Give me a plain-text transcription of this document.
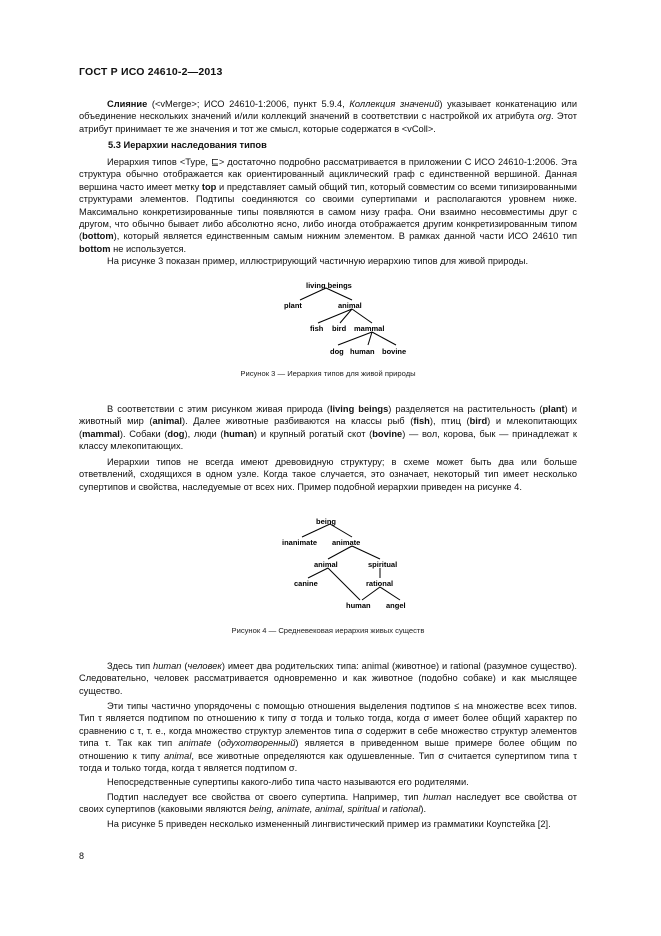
ГОСТ Р ИСО 24610-2—2013
Слияние (<vMerge>; ИСО 24610-1:2006, пункт 5.9.4, Коллекция значений) указывает конкатенацию или объединение нескольких значений и/или коллекций значений в соответствии с настройкой их атрибута org. Этот атрибут принимает те же значения и тот же смысл, которые содержатся в <vColl>.
5.3 Иерархии наследования типов
Иерархия типов <Type, ⊑> достаточно подробно рассматривается в приложении С ИСО 24610-1:2006. Эта структура обычно отображается как ориентированный ациклический граф с единственной вершиной. Данная вершина часто имеет метку top и представляет самый общий тип, который совместим со всеми типизированными структурами элементов. Подтипы соединяются со своими супертипами и располагаются уровнем ниже. Максимально конкретизированные типы появляются в самом низу графа. Они взаимно несовместимы друг с другом, что обычно бывает либо абсолютно ясно, либо иногда отображается другим конкретизированным типом (bottom), который является единственным самым нижним элементом. В рамках данной части ИСО 24610 тип bottom не используется.
На рисунке 3 показан пример, иллюстрирующий частичную иерархию типов для живой природы.
living beings
plant	animal
fish bird mammal
dog human bovine
Рисунок 3 — Иерархия типов для живой природы
В соответствии с этим рисунком живая природа (living beings) разделяется на растительность (plant) и животный мир (animal). Далее животные разбиваются на классы рыб (fish), птиц (bird) и млекопитающих (mammal). Собаки (dog), люди (human) и крупный рогатый скот (bovine) — вол, корова, бык — принадлежат к классу млекопитающих.
Иерархии типов не всегда имеют древовидную структуру; в схеме может быть два или больше ответвлений, сходящихся в одном узле. Когда такое случается, это означает, некоторый тип имеет несколько супертипов и свойства, наследуемые от всех них. Пример подобной иерархии приведен на рисунке 4.
being
inanimate animate
animal	spiritual
canine	rational
human angel
Рисунок 4 — Средневековая иерархия живых существ
Здесь тип human (человек) имеет два родительских типа: animal (животное) и rational (разумное существо). Следовательно, человек рассматривается одновременно и как животное (подобно собаке) и как мыслящее существо.
Эти типы частично упорядочены с помощью отношения выделения подтипов ≤ на множестве всех типов. Тип τ является подтипом по отношению к типу σ тогда и только тогда, когда σ имеет более общий характер по сравнению с τ, т. е., когда множество структур элементов типа σ содержит в себе множество структур элементов типа τ. Так как тип animate (одухотворенный) является в приведенном выше примере более общим по отношению к типу animal, все животные определяются как одушевленные. Тип σ считается супертипом типа τ тогда и только тогда, когда τ является подтипом σ.
Непосредственные супертипы какого-либо типа часто называются его родителями.
Подтип наследует все свойства от своего супертипа. Например, тип human наследует все свойства от своих супертипов (каковыми являются being, animate, animal, spiritual и rational).
На рисунке 5 приведен несколько измененный лингвистический пример из грамматики Коупстейка [2].
8
